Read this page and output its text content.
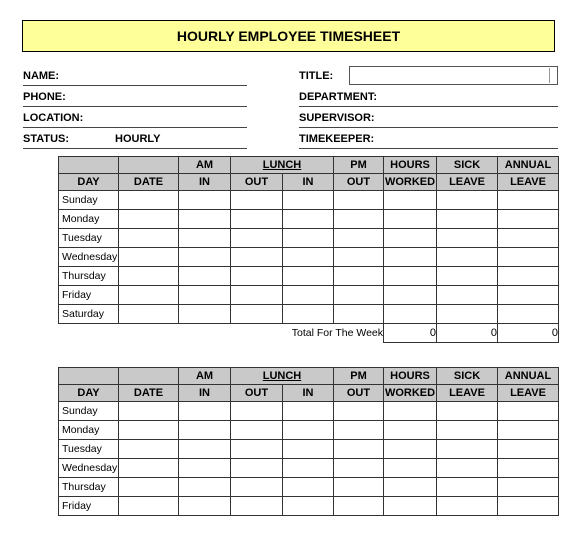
HOURLY EMPLOYEE TIMESHEET
NAME:
PHONE:
LOCATION:
STATUS:	HOURLY
TITLE:
DEPARTMENT:
SUPERVISOR:
TIMEKEEPER:
		AM	LUNCH		PM	HOURS	SICK	ANNUAL
DAY	DATE	IN	OUT	IN	OUT	WORKED	LEAVE	LEAVE
Sunday								
Monday								
Tuesday								
Wednesday								
Thursday								
Friday								
Saturday								
			Total For The Week			0	0	0
		AM	LUNCH		PM	HOURS	SICK	ANNUAL
DAY	DATE	IN	OUT	IN	OUT	WORKED	LEAVE	LEAVE
Sunday								
Monday								
Tuesday								
Wednesday								
Thursday								
Friday								
